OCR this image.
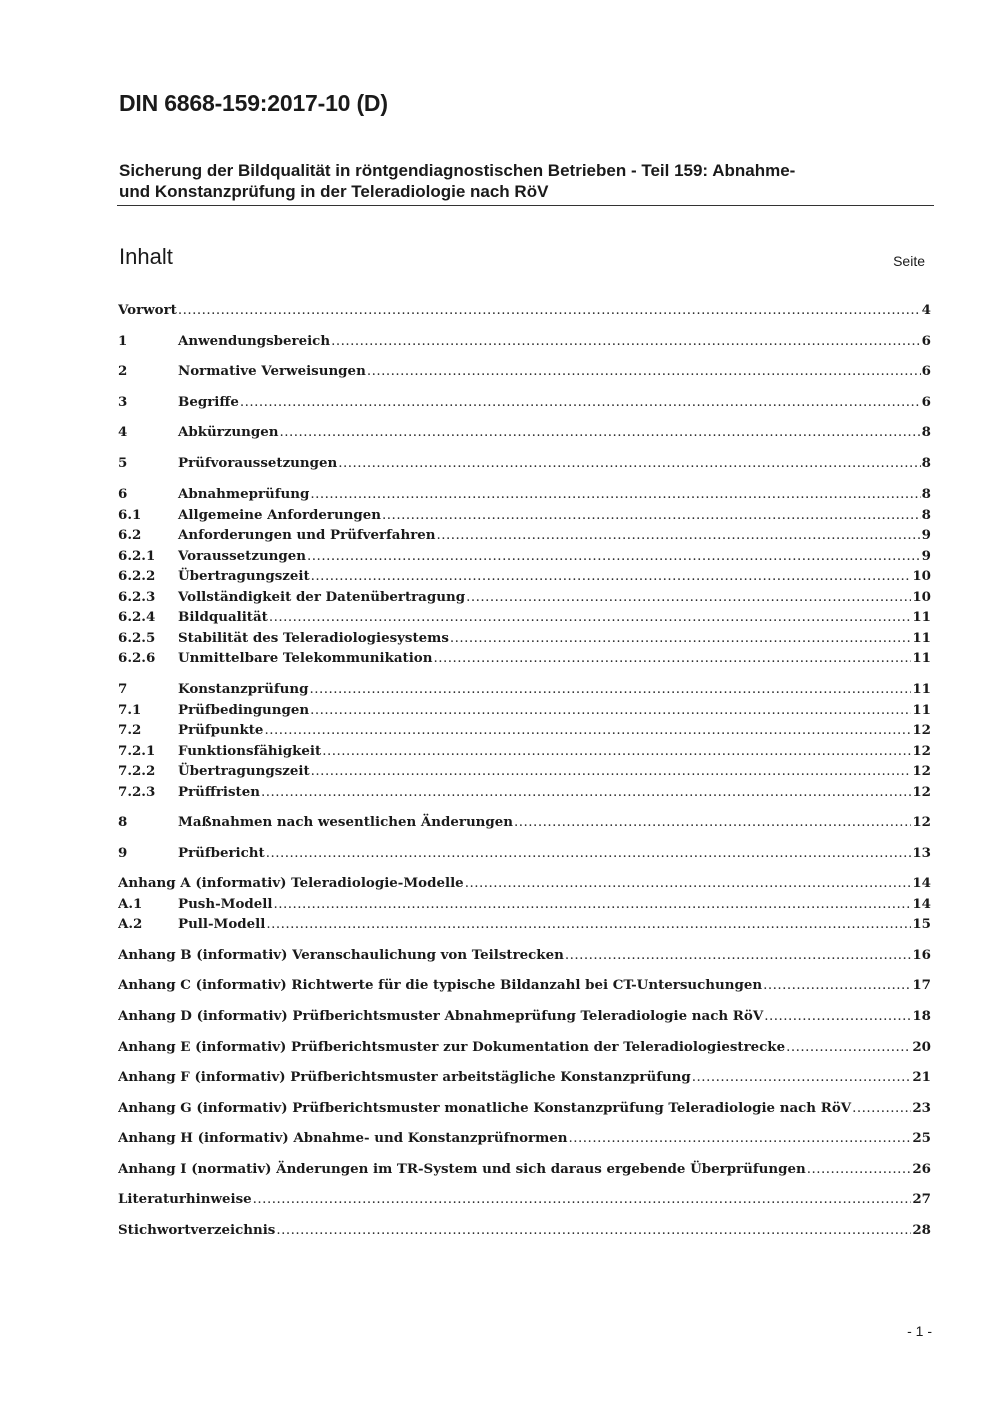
DIN 6868-159:2017-10 (D)
Sicherung der Bildqualität in röntgendiagnostischen Betrieben - Teil 159: Abnahme-
und Konstanzprüfung in der Teleradiologie nach RöV
Inhalt	Seite
Vorwort .....	4
1	Anwendungsbereich .....	6
2	Normative Verweisungen .....	6
3	Begriffe .....	6
4	Abkürzungen .....	8
5	Prüfvoraussetzungen .....	8
6	Abnahmeprüfung .....	8
6.1	Allgemeine Anforderungen .....	8
6.2	Anforderungen und Prüfverfahren .....	9
6.2.1	Voraussetzungen .....	9
6.2.2	Übertragungszeit .....	10
6.2.3	Vollständigkeit der Datenübertragung .....	10
6.2.4	Bildqualität .....	11
6.2.5	Stabilität des Teleradiologiesystems .....	11
6.2.6	Unmittelbare Telekommunikation .....	11
7	Konstanzprüfung .....	11
7.1	Prüfbedingungen .....	11
7.2	Prüfpunkte .....	12
7.2.1	Funktionsfähigkeit .....	12
7.2.2	Übertragungszeit .....	12
7.2.3	Prüffristen .....	12
8	Maßnahmen nach wesentlichen Änderungen .....	12
9	Prüfbericht .....	13
Anhang A (informativ) Teleradiologie-Modelle .....	14
A.1	Push-Modell .....	14
A.2	Pull-Modell .....	15
Anhang B (informativ) Veranschaulichung von Teilstrecken .....	16
Anhang C (informativ) Richtwerte für die typische Bildanzahl bei CT-Untersuchungen .....	17
Anhang D (informativ) Prüfberichtsmuster Abnahmeprüfung Teleradiologie nach RöV .....	18
Anhang E (informativ) Prüfberichtsmuster zur Dokumentation der Teleradiologiestrecke .....	20
Anhang F (informativ) Prüfberichtsmuster arbeitstägliche Konstanzprüfung .....	21
Anhang G (informativ) Prüfberichtsmuster monatliche Konstanzprüfung Teleradiologie nach RöV .....	23
Anhang H (informativ) Abnahme- und Konstanzprüfnormen .....	25
Anhang I (normativ) Änderungen im TR-System und sich daraus ergebende Überprüfungen .....	26
Literaturhinweise .....	27
Stichwortverzeichnis .....	28
- 1 -
